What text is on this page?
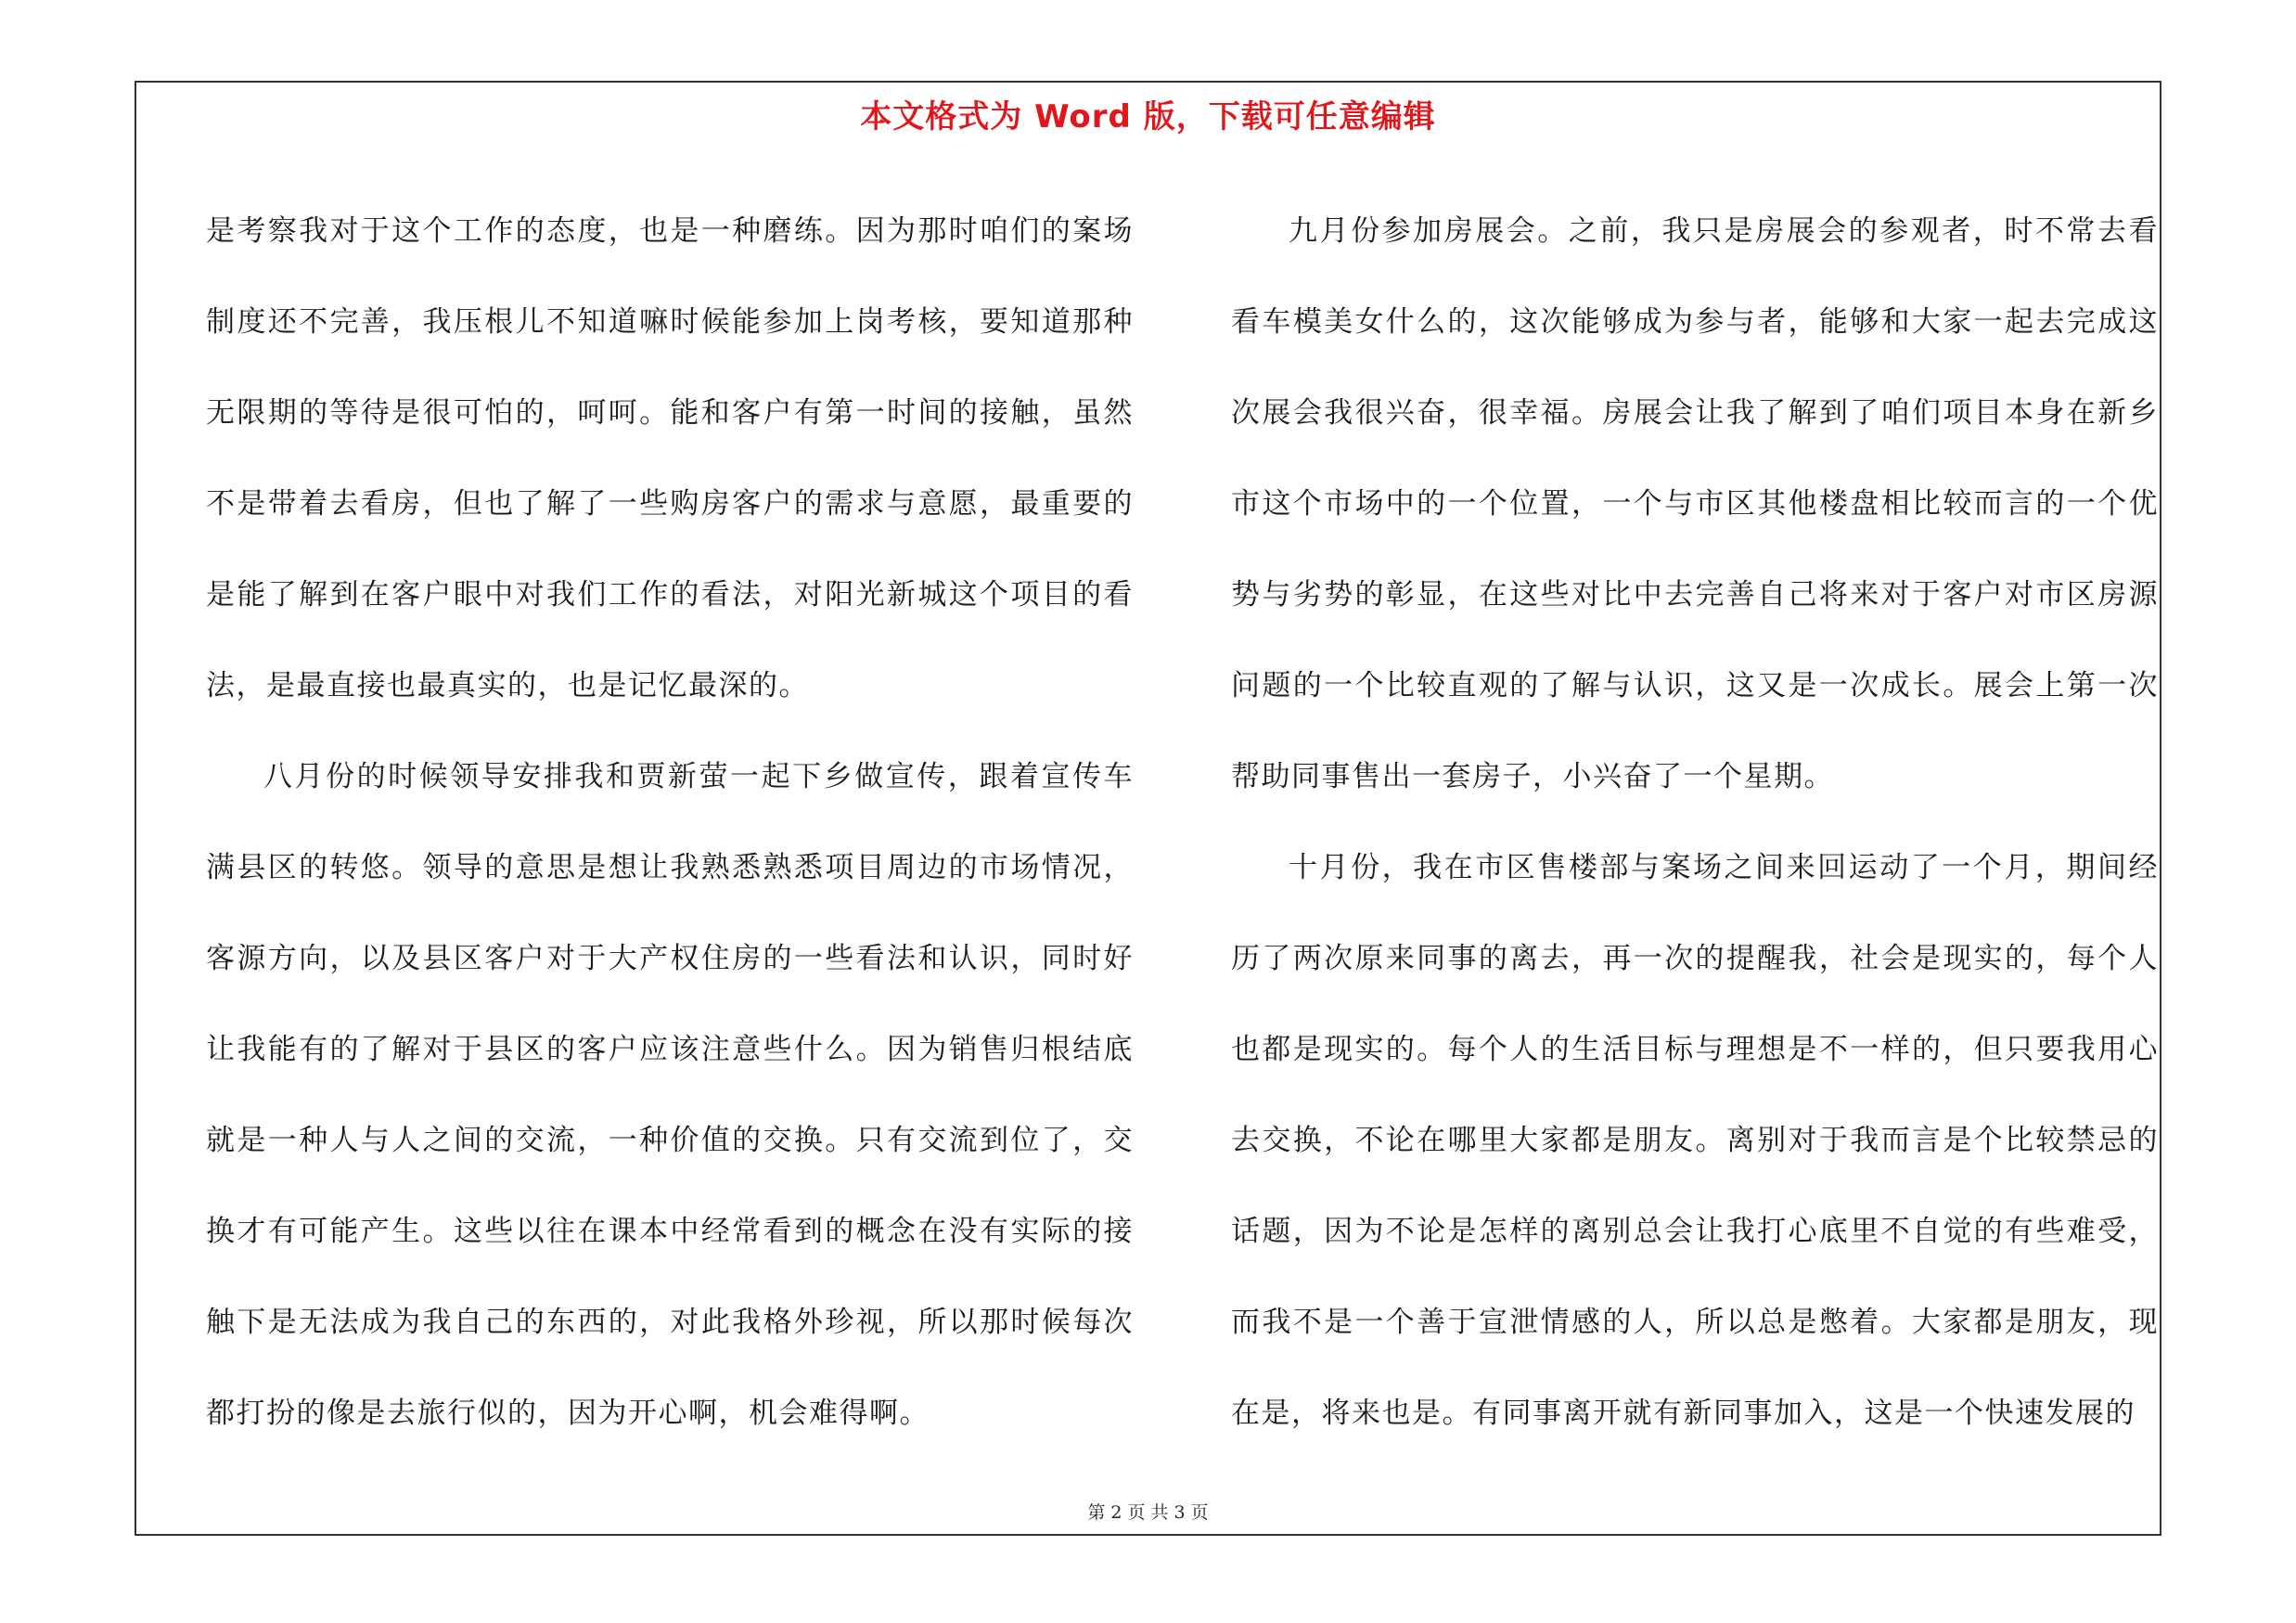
本文格式为 Word 版，下载可任意编辑

是考察我对于这个工作的态度，也是一种磨练。因为那时咱们的案场制度还不完善，我压根儿不知道嘛时候能参加上岗考核，要知道那种无限期的等待是很可怕的，呵呵。能和客户有第一时间的接触，虽然不是带着去看房，但也了解了一些购房客户的需求与意愿，最重要的是能了解到在客户眼中对我们工作的看法，对阳光新城这个项目的看法，是最直接也最真实的，也是记忆最深的。

八月份的时候领导安排我和贾新萤一起下乡做宣传，跟着宣传车满县区的转悠。领导的意思是想让我熟悉熟悉项目周边的市场情况，客源方向，以及县区客户对于大产权住房的一些看法和认识，同时好让我能有的了解对于县区的客户应该注意些什么。因为销售归根结底就是一种人与人之间的交流，一种价值的交换。只有交流到位了，交换才有可能产生。这些以往在课本中经常看到的概念在没有实际的接触下是无法成为我自己的东西的，对此我格外珍视，所以那时候每次都打扮的像是去旅行似的，因为开心啊，机会难得啊。

九月份参加房展会。之前，我只是房展会的参观者，时不常去看看车模美女什么的，这次能够成为参与者，能够和大家一起去完成这次展会我很兴奋，很幸福。房展会让我了解到了咱们项目本身在新乡市这个市场中的一个位置，一个与市区其他楼盘相比较而言的一个优势与劣势的彰显，在这些对比中去完善自己将来对于客户对市区房源问题的一个比较直观的了解与认识，这又是一次成长。展会上第一次帮助同事售出一套房子，小兴奋了一个星期。

十月份，我在市区售楼部与案场之间来回运动了一个月，期间经历了两次原来同事的离去，再一次的提醒我，社会是现实的，每个人也都是现实的。每个人的生活目标与理想是不一样的，但只要我用心去交换，不论在哪里大家都是朋友。离别对于我而言是个比较禁忌的话题，因为不论是怎样的离别总会让我打心底里不自觉的有些难受，而我不是一个善于宣泄情感的人，所以总是憋着。大家都是朋友，现在是，将来也是。有同事离开就有新同事加入，这是一个快速发展的

第 2 页 共 3 页
